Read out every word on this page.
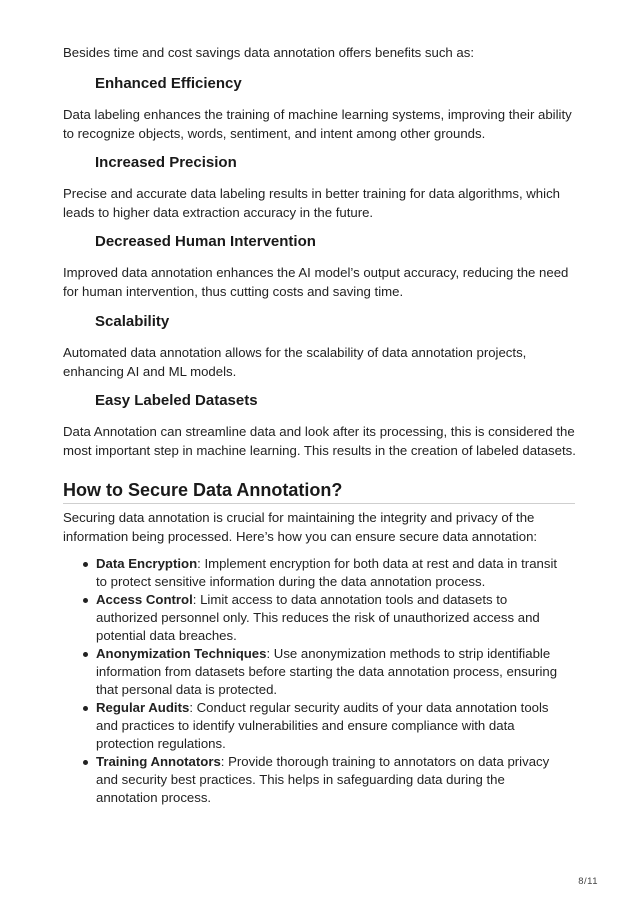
Besides time and cost savings data annotation offers benefits such as:

Enhanced Efficiency

Data labeling enhances the training of machine learning systems, improving their ability to recognize objects, words, sentiment, and intent among other grounds.

Increased Precision

Precise and accurate data labeling results in better training for data algorithms, which leads to higher data extraction accuracy in the future.

Decreased Human Intervention

Improved data annotation enhances the AI model’s output accuracy, reducing the need for human intervention, thus cutting costs and saving time.

Scalability

Automated data annotation allows for the scalability of data annotation projects, enhancing AI and ML models.

Easy Labeled Datasets

Data Annotation can streamline data and look after its processing, this is considered the most important step in machine learning. This results in the creation of labeled datasets.

How to Secure Data Annotation?

Securing data annotation is crucial for maintaining the integrity and privacy of the information being processed. Here’s how you can ensure secure data annotation:

Data Encryption: Implement encryption for both data at rest and data in transit to protect sensitive information during the data annotation process.
Access Control: Limit access to data annotation tools and datasets to authorized personnel only. This reduces the risk of unauthorized access and potential data breaches.
Anonymization Techniques: Use anonymization methods to strip identifiable information from datasets before starting the data annotation process, ensuring that personal data is protected.
Regular Audits: Conduct regular security audits of your data annotation tools and practices to identify vulnerabilities and ensure compliance with data protection regulations.
Training Annotators: Provide thorough training to annotators on data privacy and security best practices. This helps in safeguarding data during the annotation process.
8/11
